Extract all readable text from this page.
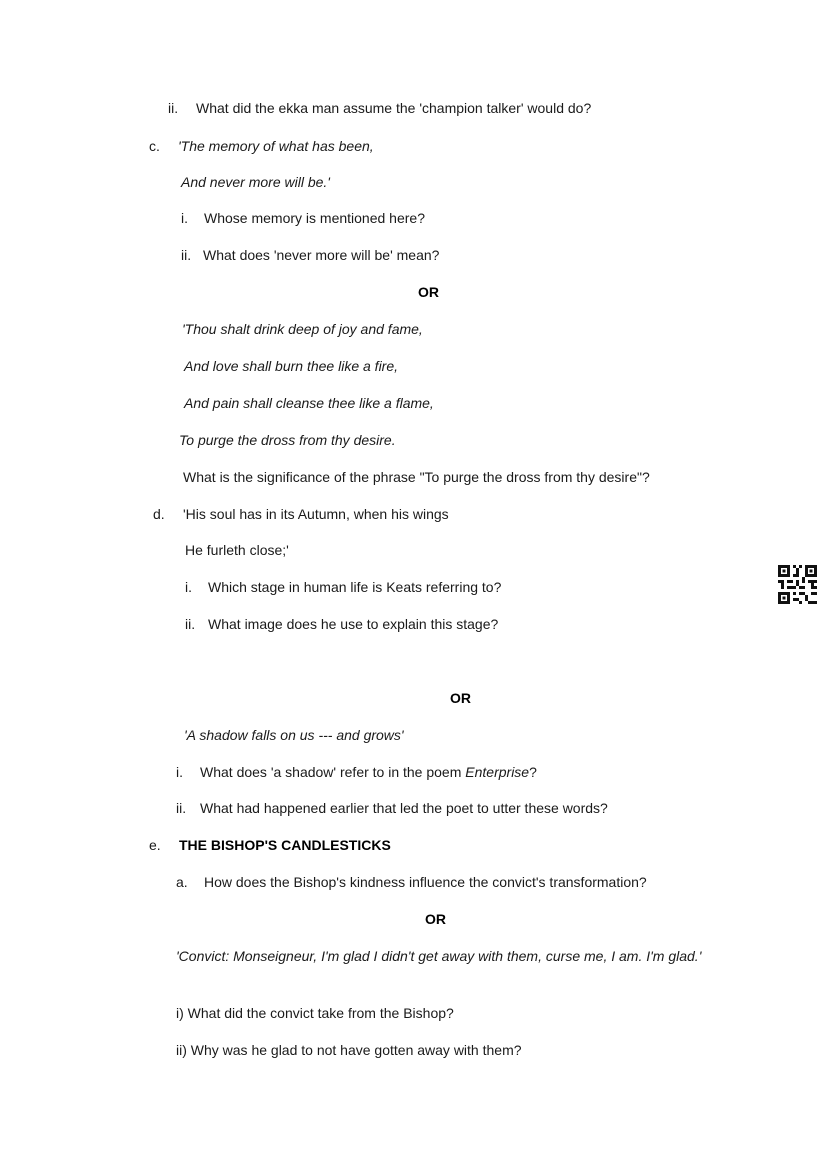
ii. What did the ekka man assume the 'champion talker' would do?
c. 'The memory of what has been,
And never more will be.'
i. Whose memory is mentioned here?
ii. What does 'never more will be' mean?
OR
'Thou shalt drink deep of joy and fame,
And love shall burn thee like a fire,
And pain shall cleanse thee like a flame,
To purge the dross from thy desire.
What is the significance of the phrase "To purge the dross from thy desire"?
d. 'His soul has in its Autumn, when his wings
He furleth close;'
i. Which stage in human life is Keats referring to?
ii. What image does he use to explain this stage?
OR
'A shadow falls on us --- and grows'
i. What does 'a shadow' refer to in the poem Enterprise?
ii. What had happened earlier that led the poet to utter these words?
e. THE BISHOP'S CANDLESTICKS
a. How does the Bishop's kindness influence the convict's transformation?
OR
'Convict: Monseigneur, I'm glad I didn't get away with them, curse me, I am. I'm glad.'
i) What did the convict take from the Bishop?
ii) Why was he glad to not have gotten away with them?
